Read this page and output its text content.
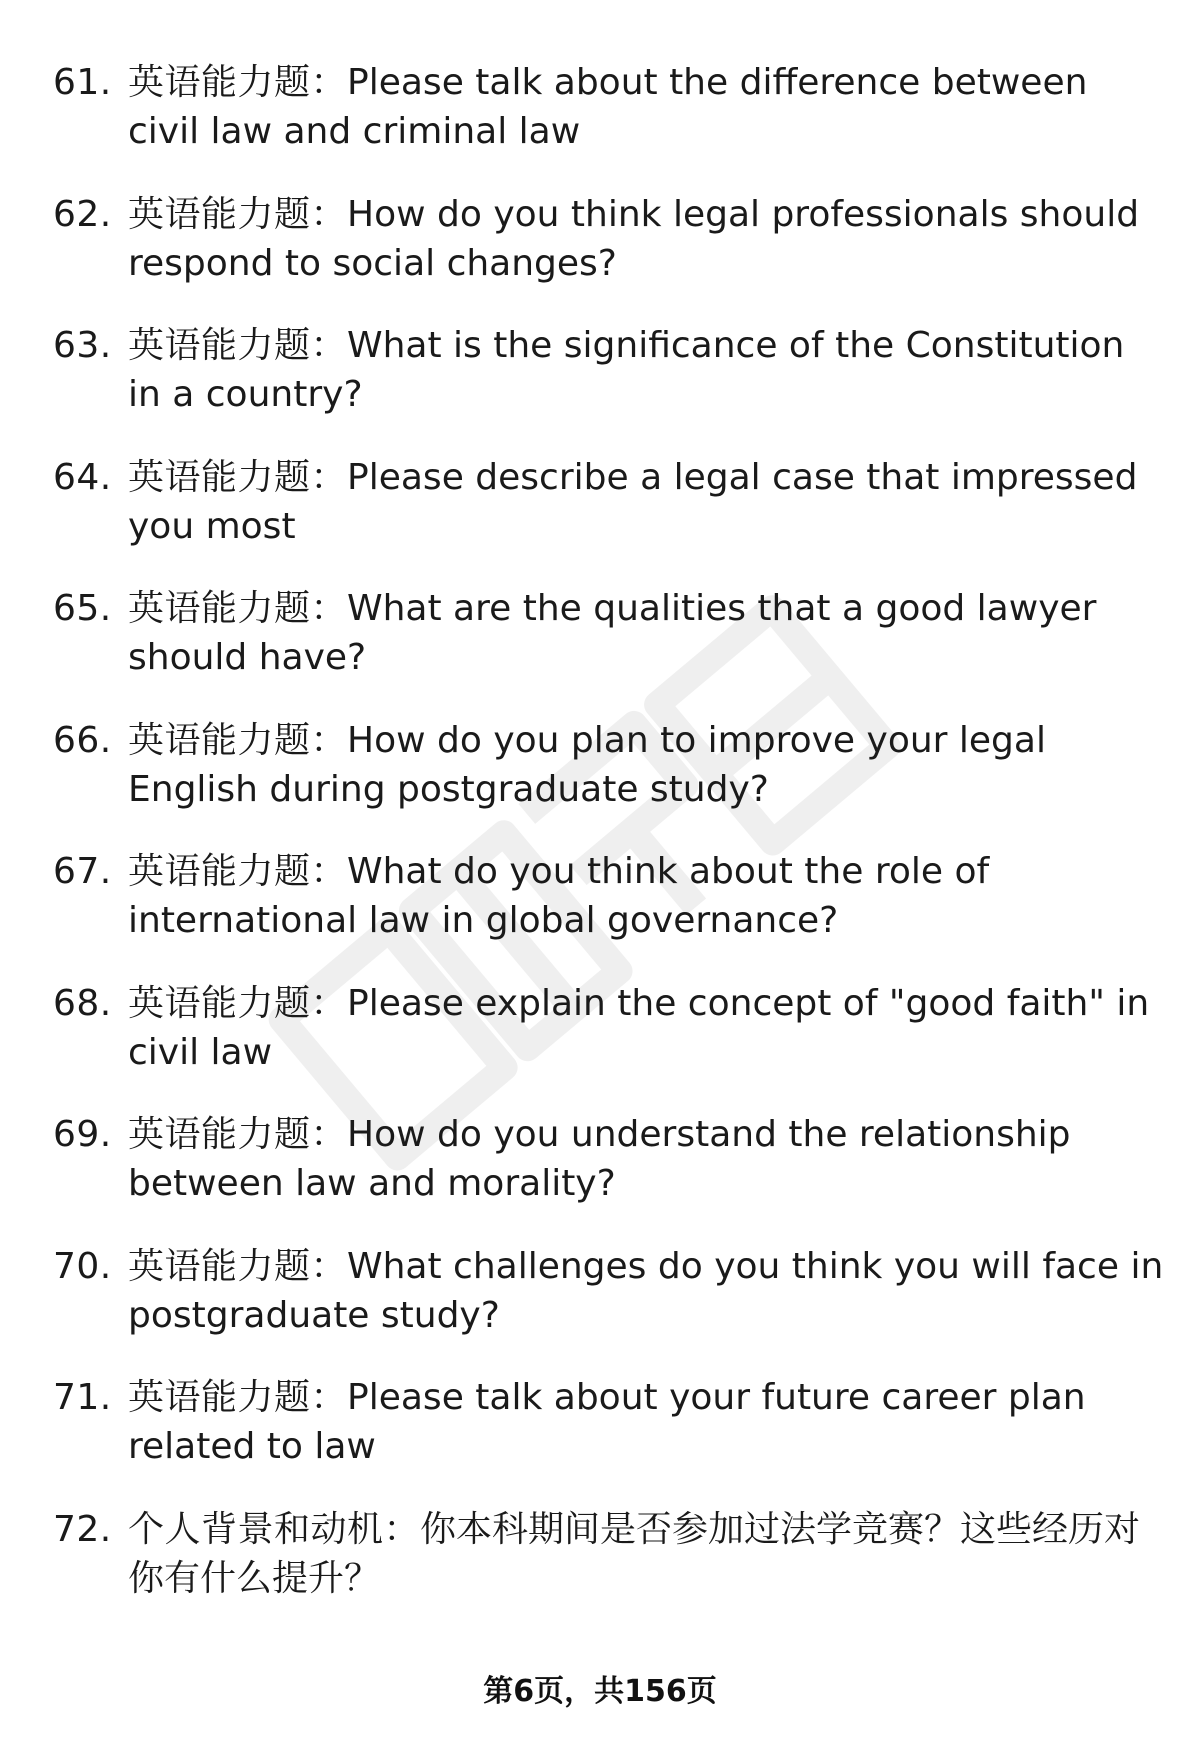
61. 英语能力题：Please talk about the difference between civil law and criminal law
62. 英语能力题：How do you think legal professionals should respond to social changes?
63. 英语能力题：What is the significance of the Constitution in a country?
64. 英语能力题：Please describe a legal case that impressed you most
65. 英语能力题：What are the qualities that a good lawyer should have?
66. 英语能力题：How do you plan to improve your legal English during postgraduate study?
67. 英语能力题：What do you think about the role of international law in global governance?
68. 英语能力题：Please explain the concept of "good faith" in civil law
69. 英语能力题：How do you understand the relationship between law and morality?
70. 英语能力题：What challenges do you think you will face in postgraduate study?
71. 英语能力题：Please talk about your future career plan related to law
72. 个人背景和动机：你本科期间是否参加过法学竞赛？这些经历对你有什么提升？
第6页，共156页
